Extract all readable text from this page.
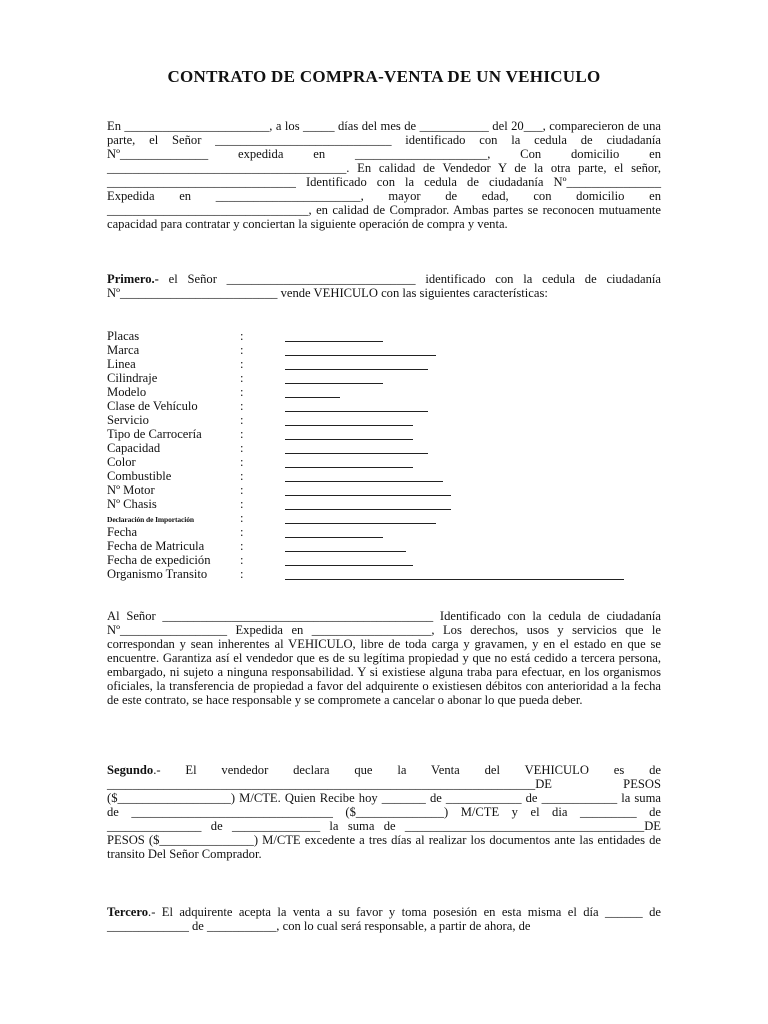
CONTRATO DE COMPRA-VENTA DE UN VEHICULO
En _______________________, a los _____ días del mes de ___________ del 20___, comparecieron de una parte, el Señor ____________________________ identificado con la cedula de ciudadanía Nº______________ expedida en _____________________, Con domicilio en ______________________________________. En calidad de Vendedor Y de la otra parte, el señor, ______________________________ Identificado con la cedula de ciudadanía Nº_______________ Expedida en _______________________, mayor de edad, con domicilio en ________________________________, en calidad de Comprador. Ambas partes se reconocen mutuamente capacidad para contratar y conciertan la siguiente operación de compra y venta.
Primero.- el Señor ______________________________ identificado con la cedula de ciudadanía Nº_________________________ vende VEHICULO con las siguientes características:
Placas	:
Marca	:
Linea	:
Cilindraje	:
Modelo	:
Clase de Vehículo	:
Servicio	:
Tipo de Carrocería	:
Capacidad	:
Color	:
Combustible	:
Nº Motor	:
Nº Chasis	:
Declaración de Importación	:
Fecha	:
Fecha de Matricula	:
Fecha de expedición :
Organismo Transito	:
Al Señor ___________________________________________ Identificado con la cedula de ciudadanía Nº_________________ Expedida en ___________________, Los derechos, usos y servicios que le correspondan y sean inherentes al VEHICULO, libre de toda carga y gravamen, y en el estado en que se encuentre. Garantiza así el vendedor que es de su legítima propiedad y que no está cedido a tercera persona, embargado, ni sujeto a ninguna responsabilidad. Y si existiese alguna traba para efectuar, en los organismos oficiales, la transferencia de propiedad a favor del adquirente o existiesen débitos con anterioridad a la fecha de este contrato, se hace responsable y se compromete a cancelar o abonar lo que pueda deber.
Segundo.- El vendedor declara que la Venta del VEHICULO es de ____________________________________________________________________DE PESOS ($__________________) M/CTE. Quien Recibe hoy _______ de ____________ de ____________ la suma de ________________________________ ($______________) M/CTE y el dia _________ de _______________ de ______________ la suma de ______________________________________DE PESOS ($_______________) M/CTE excedente a tres días al realizar los documentos ante las entidades de transito Del Señor Comprador.
Tercero.- El adquirente acepta la venta a su favor y toma posesión en esta misma el día ______ de _____________ de ___________, con lo cual será responsable, a partir de ahora, de
